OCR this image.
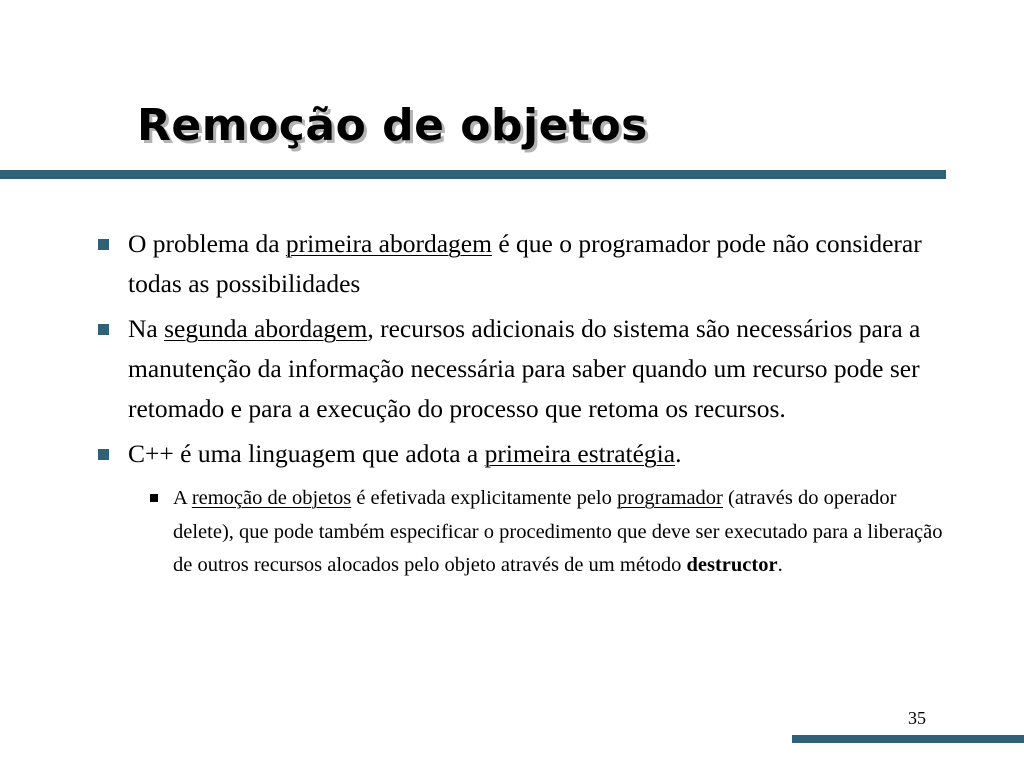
Remoção de objetos
O problema da primeira abordagem é que o programador pode não considerar todas as possibilidades
Na segunda abordagem, recursos adicionais do sistema são necessários para a manutenção da informação necessária para saber quando um recurso pode ser retomado e para a execução do processo que retoma os recursos.
C++ é uma linguagem que adota a primeira estratégia.
A remoção de objetos é efetivada explicitamente pelo programador (através do operador delete), que pode também especificar o procedimento que deve ser executado para a liberação de outros recursos alocados pelo objeto através de um método destructor.
35
